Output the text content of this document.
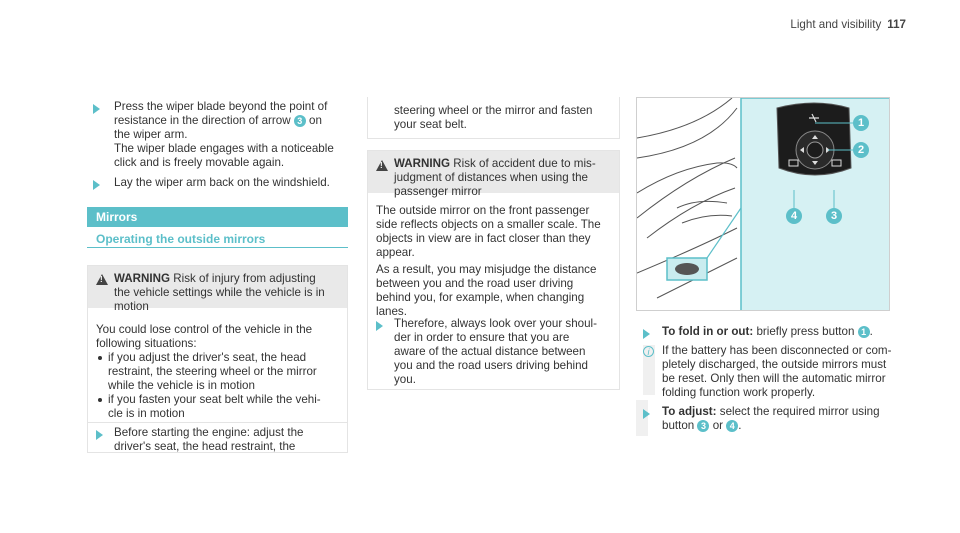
Light and visibility 117
Press the wiper blade beyond the point of
resistance in the direction of arrow 3 on
the wiper arm.
The wiper blade engages with a noticeable
click and is freely movable again.
Lay the wiper arm back on the windshield.
Mirrors
Operating the outside mirrors
!
WARNING Risk of injury from adjusting
the vehicle settings while the vehicle is in
motion
You could lose control of the vehicle in the
following situations:
if you adjust the driver's seat, the head
restraint, the steering wheel or the mirror
while the vehicle is in motion
if you fasten your seat belt while the vehi-
cle is in motion
Before starting the engine: adjust the
driver's seat, the head restraint, the
steering wheel or the mirror and fasten
your seat belt.
!
WARNING Risk of accident due to mis-
judgment of distances when using the
passenger mirror
The outside mirror on the front passenger
side reflects objects on a smaller scale. The
objects in view are in fact closer than they
appear.
As a result, you may misjudge the distance
between you and the road user driving
behind you, for example, when changing
lanes.
Therefore, always look over your shoul-
der in order to ensure that you are
aware of the actual distance between
you and the road users driving behind
you.
1
2
4	3
To fold in or out: briefly press button 1 .
i	If the battery has been disconnected or com-
pletely discharged, the outside mirrors must
be reset. Only then will the automatic mirror
folding function work properly.
To adjust: select the required mirror using
button 3 or 4 .
